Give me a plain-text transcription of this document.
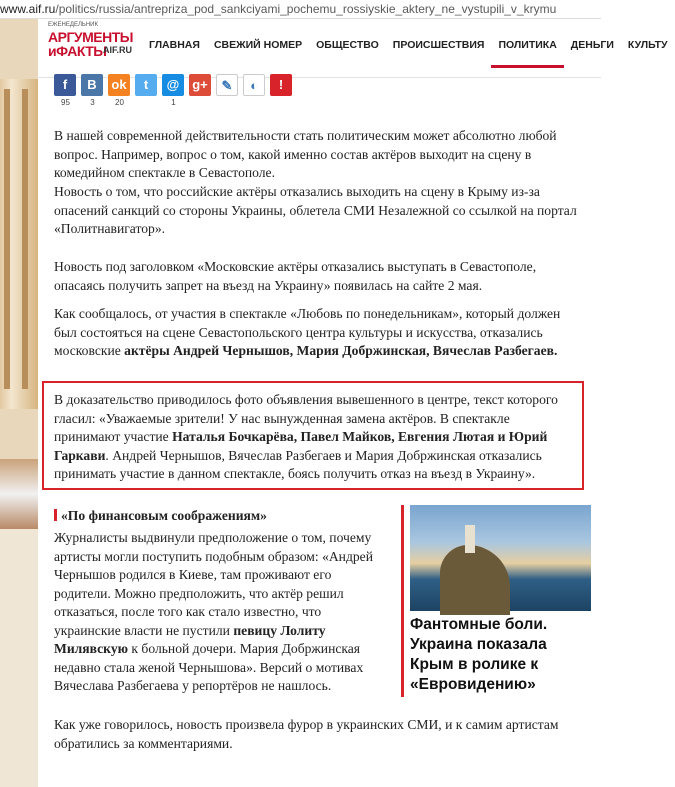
www.aif.ru/politics/russia/antrepriza_pod_sankciyami_pochemu_rossiyskie_aktery_ne_vystupili_v_krymu
ЕЖЕНЕДЕЛЬНИК
АРГУМЕНТЫ
иФАКТЫ
AIF.RU	ГЛАВНАЯ	СВЕЖИЙ НОМЕР	ОБЩЕСТВО	ПРОИСШЕСТВИЯ	ПОЛИТИКА	ДЕНЬГИ	КУЛЬТУ
f
95
B
3
ok
20
t	@
1
g+	✎	◐	!
В нашей современной действительности стать политическим может абсолютно любой вопрос. Например, вопрос о том, какой именно состав актёров выходит на сцену в комедийном спектакле в Севастополе.
Новость о том, что российские актёры отказались выходить на сцену в Крыму из-за опасений санкций со стороны Украины, облетела СМИ Незалежной со ссылкой на портал «Политнавигатор».
Новость под заголовком «Московские актёры отказались выступать в Севастополе, опасаясь получить запрет на въезд на Украину» появилась на сайте 2 мая.
Как сообщалось, от участия в спектакле «Любовь по понедельникам», который должен был состояться на сцене Севастопольского центра культуры и искусства, отказались московские актёры Андрей Чернышов, Мария Добржинская, Вячеслав Разбегаев.
В доказательство приводилось фото объявления вывешенного в центре, текст которого гласил: «Уважаемые зрители! У нас вынужденная замена актёров. В спектакле принимают участие Наталья Бочкарёва, Павел Майков, Евгения Лютая и Юрий Гаркави. Андрей Чернышов, Вячеслав Разбегаев и Мария Добржинская отказались принимать участие в данном спектакле, боясь получить отказ на въезд в Украину».
«По финансовым соображениям»
Журналисты выдвинули предположение о том, почему артисты могли поступить подобным образом: «Андрей Чернышов родился в Киеве, там проживают его родители. Можно предположить, что актёр решил отказаться, после того как стало известно, что украинские власти не пустили певицу Лолиту Милявскую к больной дочери. Мария Добржинская недавно стала женой Чернышова». Версий о мотивах Вячеслава Разбегаева у репортёров не нашлось.
Фантомные боли. Украина показала Крым в ролике к «Евровидению»
Как уже говорилось, новость произвела фурор в украинских СМИ, и к самим артистам обратились за комментариями.
